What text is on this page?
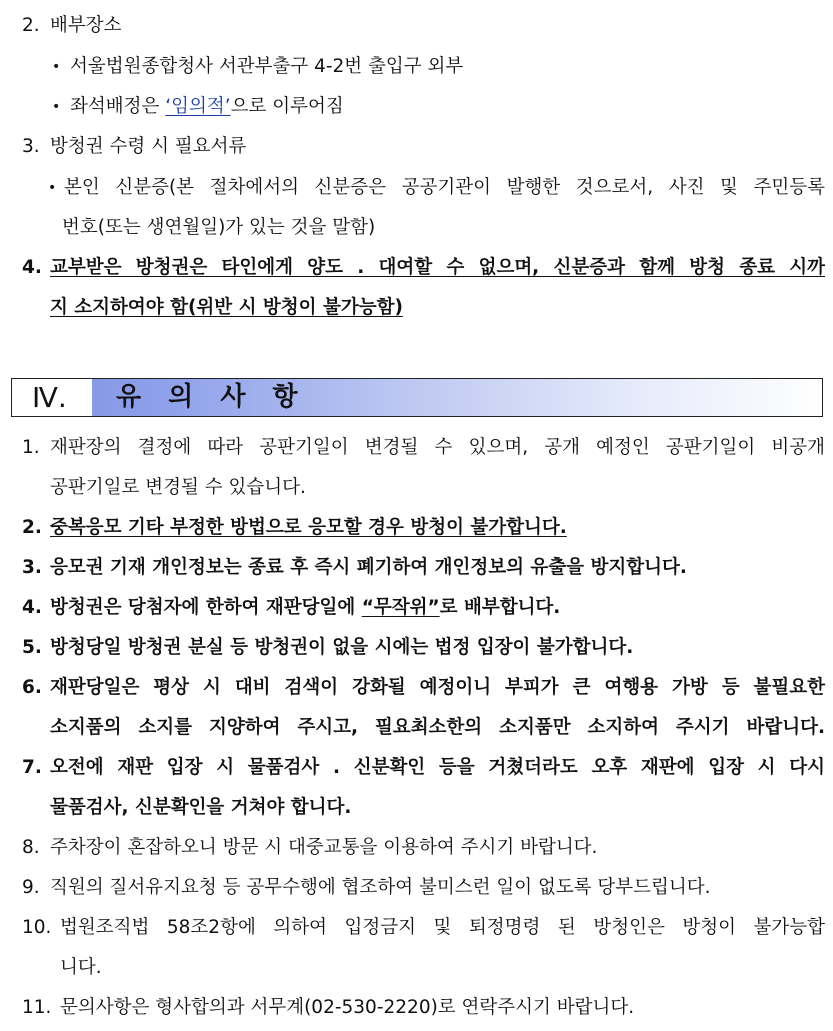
2. 배부장소
• 서울법원종합청사 서관부출구 4-2번 출입구 외부
• 좌석배정은 ‘임의적’으로 이루어짐
3. 방청권 수령 시 필요서류
• 본인 신분증(본 절차에서의 신분증은 공공기관이 발행한 것으로서, 사진 및 주민등록
번호(또는 생연월일)가 있는 것을 말함)
4. 교부받은 방청권은 타인에게 양도 . 대여할 수 없으며, 신분증과 함께 방청 종료 시까
지 소지하여야 함(위반 시 방청이 불가능함)
Ⅳ.	유 의 사 항
1. 재판장의 결정에 따라 공판기일이 변경될 수 있으며, 공개 예정인 공판기일이 비공개
공판기일로 변경될 수 있습니다.
2. 중복응모 기타 부정한 방법으로 응모할 경우 방청이 불가합니다.
3. 응모권 기재 개인정보는 종료 후 즉시 폐기하여 개인정보의 유출을 방지합니다.
4. 방청권은 당첨자에 한하여 재판당일에 “무작위”로 배부합니다.
5. 방청당일 방청권 분실 등 방청권이 없을 시에는 법정 입장이 불가합니다.
6. 재판당일은 평상 시 대비 검색이 강화될 예정이니 부피가 큰 여행용 가방 등 불필요한
소지품의 소지를 지양하여 주시고, 필요최소한의 소지품만 소지하여 주시기 바랍니다.
7. 오전에 재판 입장 시 물품검사 . 신분확인 등을 거쳤더라도 오후 재판에 입장 시 다시
물품검사, 신분확인을 거쳐야 합니다.
8. 주차장이 혼잡하오니 방문 시 대중교통을 이용하여 주시기 바랍니다.
9. 직원의 질서유지요청 등 공무수행에 협조하여 불미스런 일이 없도록 당부드립니다.
10. 법원조직법 58조2항에 의하여 입정금지 및 퇴정명령 된 방청인은 방청이 불가능합
니다.
11. 문의사항은 형사합의과 서무계(02-530-2220)로 연락주시기 바랍니다.
